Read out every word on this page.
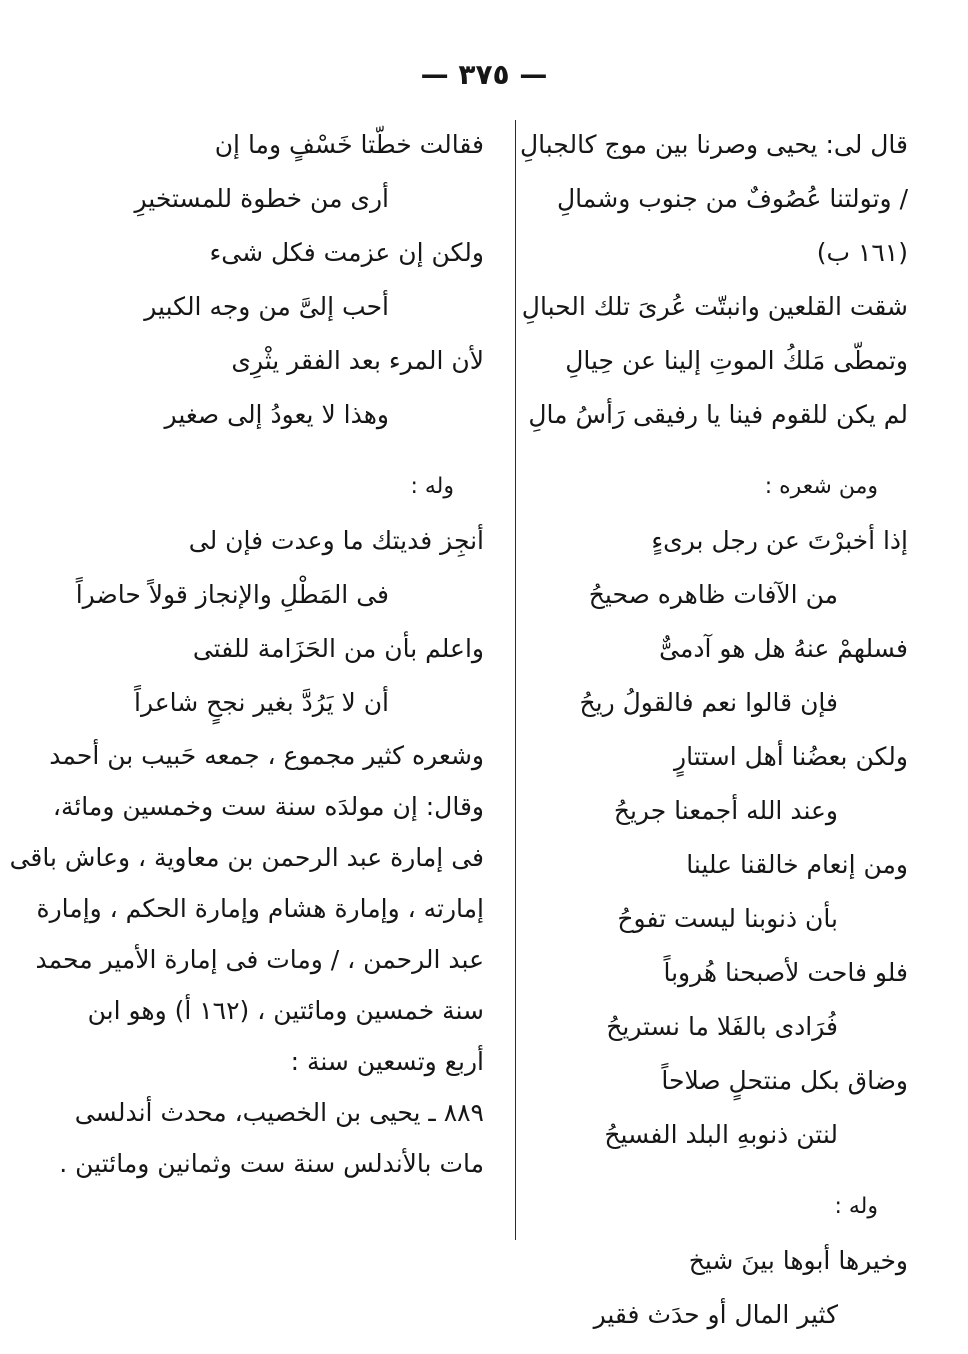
— ٣٧٥ —
قال لى: يحيى وصرنا بين موج كالجبالِ
/ وتولتنا عُصُوفٌ من جنوب وشمالِ
(١٦١ ب)
شقت القلعين وانبتّت عُرىَ تلك الحبالِ
وتمطّى مَلكُ الموتِ إلينا عن حِيالِ
لم يكن للقوم فينا يا رفيقى رَأسُ مالِ
ومن شعره :
إذا أخبرْتَ عن رجل برىءٍ
من الآفات ظاهره صحيحُ
فسلهمْ عنهُ هل هو آدمىٌّ
فإن قالوا نعم فالقولُ ريحُ
ولكن بعضُنا أهل استتارٍ
وعند الله أجمعنا جريحُ
ومن إنعام خالقنا علينا
بأن ذنوبنا ليست تفوحُ
فلو فاحت لأصبحنا هُروباً
فُرَادى بالفَلا ما نستريحُ
وضاق بكل منتحلٍ صلاحاً
لنتن ذنوبهِ البلد الفسيحُ
وله :
وخيرها أبوها بينَ شيخ
كثير المال أو حدَث فقير
فقالت خطّتا خَسْفٍ وما إن
أرى من خطوة للمستخيرِ
ولكن إن عزمت فكل شىء
أحب إلىَّ من وجه الكبير
لأن المرء بعد الفقر يثْرِى
وهذا لا يعودُ إلى صغير
وله :
أنجِز فديتك ما وعدت فإن لى
فى المَطْلِ والإنجاز قولاً حاضراً
واعلم بأن من الحَزَامة للفتى
أن لا يَرُدَّ بغير نجحٍ شاعراً
وشعره كثير مجموع ، جمعه حَبيب بن أحمد
وقال: إن مولدَه سنة ست وخمسين ومائة،
فى إمارة عبد الرحمن بن معاوية ، وعاش باقى
إمارته ، وإمارة هشام وإمارة الحكم ، وإمارة
عبد الرحمن ، / ومات فى إمارة الأمير محمد
سنة خمسين ومائتين ، (١٦٢ أ) وهو ابن
أربع وتسعين سنة :
٨٨٩ ـ يحيى بن الخصيب، محدث أندلسى
مات بالأندلس سنة ست وثمانين ومائتين .
